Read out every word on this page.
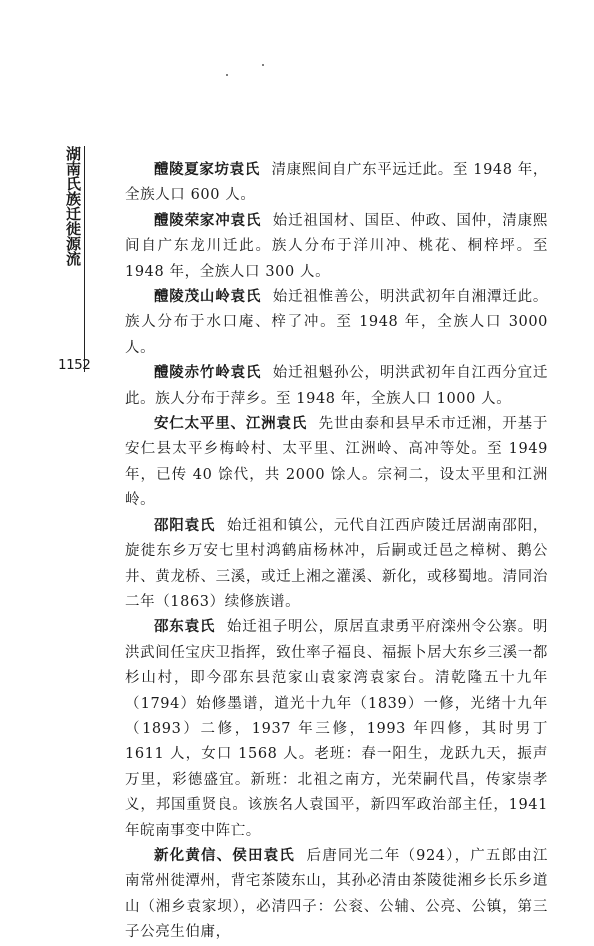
湖南氏族迁徙源流
1152

醴陵夏家坊袁氏 清康熙间自广东平远迁此。至 1948 年，全族人口 600 人。

醴陵荣家冲袁氏 始迁祖国材、国臣、仲政、国仲，清康熙间自广东龙川迁此。族人分布于洋川冲、桃花、桐梓坪。至 1948 年，全族人口 300 人。

醴陵茂山岭袁氏 始迁祖惟善公，明洪武初年自湘潭迁此。族人分布于水口庵、梓了冲。至 1948 年，全族人口 3000 人。

醴陵赤竹岭袁氏 始迁祖魁孙公，明洪武初年自江西分宜迁此。族人分布于萍乡。至 1948 年，全族人口 1000 人。

安仁太平里、江洲袁氏 先世由泰和县早禾市迁湘，开基于安仁县太平乡梅岭村、太平里、江洲岭、高冲等处。至 1949 年，已传 40 馀代，共 2000 馀人。宗祠二，设太平里和江洲岭。

邵阳袁氏 始迁祖和镇公，元代自江西庐陵迁居湖南邵阳，旋徙东乡万安七里村鸿鹤庙杨林冲，后嗣或迁邑之樟树、鹅公井、黄龙桥、三溪，或迁上湘之灌溪、新化，或移蜀地。清同治二年（1863）续修族谱。

邵东袁氏 始迁祖子明公，原居直隶勇平府滦州令公寨。明洪武间任宝庆卫指挥，致仕率子福良、福振卜居大东乡三溪一都杉山村，即今邵东县范家山袁家湾袁家台。清乾隆五十九年（1794）始修墨谱，道光十九年（1839）一修，光绪十九年（1893）二修，1937 年三修，1993 年四修，其时男丁 1611 人，女口 1568 人。老班：春一阳生，龙跃九天，振声万里，彩德盛宜。新班：北祖之南方，光荣嗣代昌，传家崇孝义，邦国重贤良。该族名人袁国平，新四军政治部主任，1941 年皖南事变中阵亡。

新化黄信、侯田袁氏 后唐同光二年（924），广五郎由江南常州徙潭州，背宅茶陵东山，其孙必清由茶陵徙湘乡长乐乡道山（湘乡袁家坝），必清四子：公衮、公辅、公亮、公镇，第三子公亮生伯庸，
